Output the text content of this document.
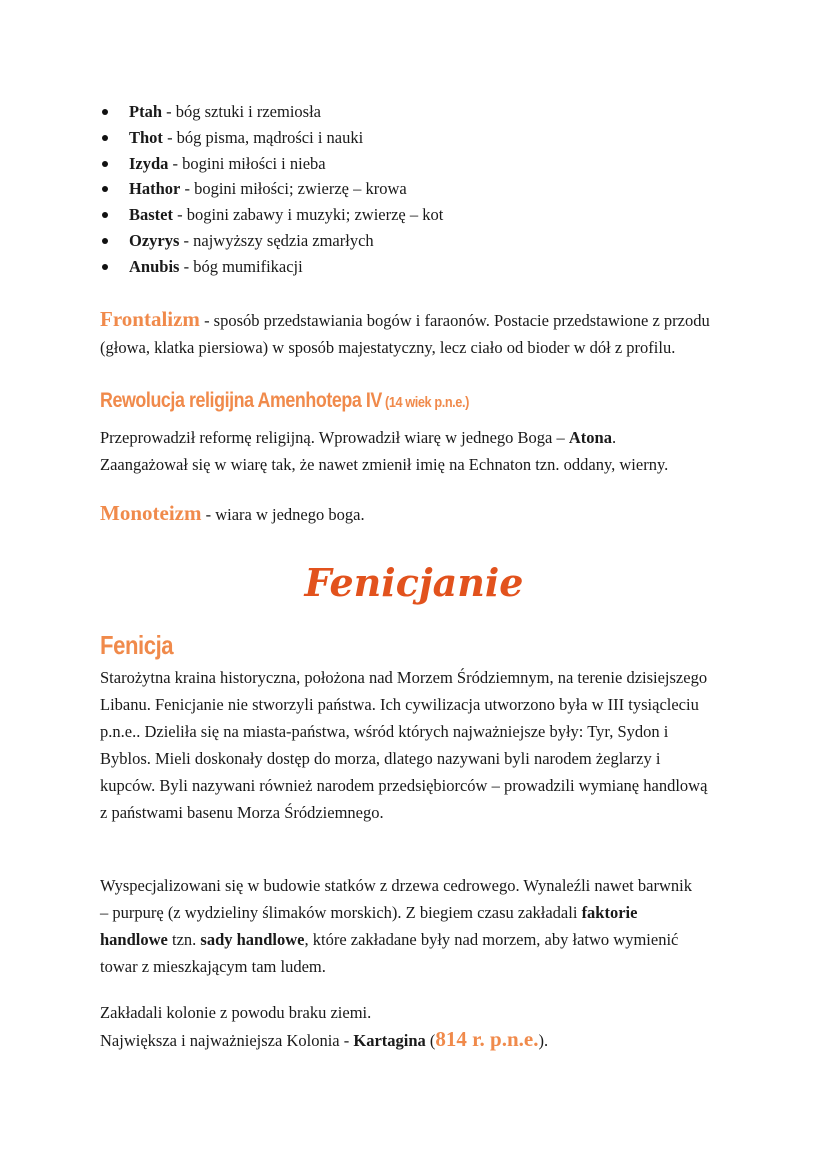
Ptah - bóg sztuki i rzemiosła
Thot - bóg pisma, mądrości i nauki
Izyda - bogini miłości i nieba
Hathor - bogini miłości; zwierzę – krowa
Bastet - bogini zabawy i muzyki; zwierzę – kot
Ozyrys - najwyższy sędzia zmarłych
Anubis - bóg mumifikacji

Frontalizm - sposób przedstawiania bogów i faraonów. Postacie przedstawione z przodu (głowa, klatka piersiowa) w sposób majestatyczny, lecz ciało od bioder w dół z profilu.

Rewolucja religijna Amenhotepa IV (14 wiek p.n.e.)

Przeprowadził reformę religijną. Wprowadził wiarę w jednego Boga – Atona. Zaangażował się w wiarę tak, że nawet zmienił imię na Echnaton tzn. oddany, wierny.

Monoteizm - wiara w jednego boga.

Fenicjanie
Fenicja

Starożytna kraina historyczna, położona nad Morzem Śródziemnym, na terenie dzisiejszego Libanu. Fenicjanie nie stworzyli państwa. Ich cywilizacja utworzono była w III tysiącleciu p.n.e.. Dzieliła się na miasta-państwa, wśród których najważniejsze były: Tyr, Sydon i Byblos. Mieli doskonały dostęp do morza, dlatego nazywani byli narodem żeglarzy i kupców. Byli nazywani również narodem przedsiębiorców – prowadzili wymianę handlową z państwami basenu Morza Śródziemnego.

Wyspecjalizowani się w budowie statków z drzewa cedrowego. Wynaleźli nawet barwnik – purpurę (z wydzieliny ślimaków morskich). Z biegiem czasu zakładali faktorie handlowe tzn. sady handlowe, które zakładane były nad morzem, aby łatwo wymienić towar z mieszkającym tam ludem.

Zakładali kolonie z powodu braku ziemi.

Największa i najważniejsza Kolonia - Kartagina (814 r. p.n.e.).
